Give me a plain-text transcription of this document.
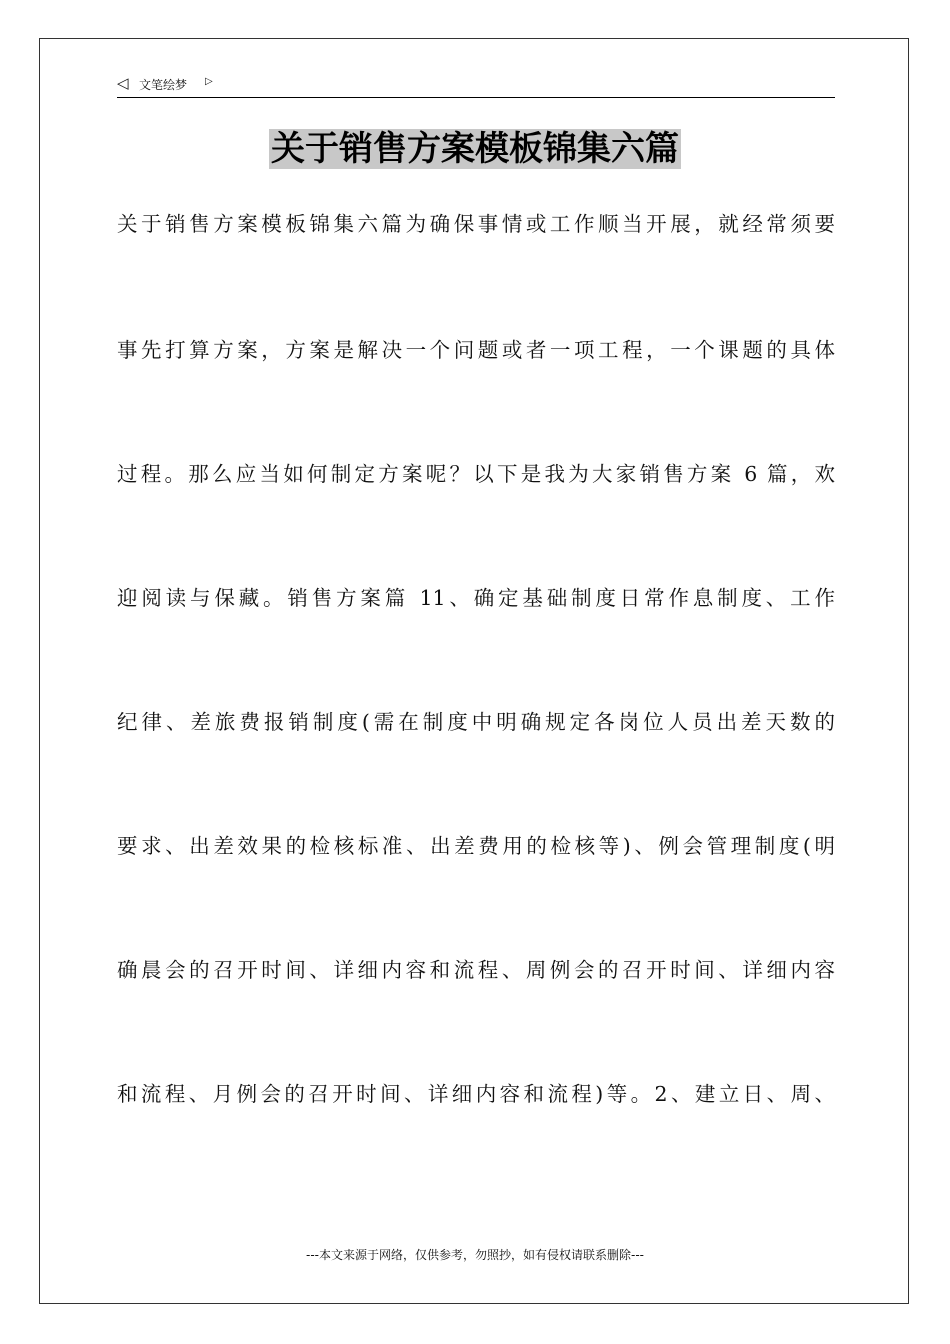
◁ 文笔绘梦 ▷
关于销售方案模板锦集六篇
关于销售方案模板锦集六篇为确保事情或工作顺当开展，就经常须要
事先打算方案，方案是解决一个问题或者一项工程，一个课题的具体
过程。那么应当如何制定方案呢？以下是我为大家销售方案 6 篇，欢
迎阅读与保藏。销售方案篇 11、确定基础制度日常作息制度、工作
纪律、差旅费报销制度(需在制度中明确规定各岗位人员出差天数的
要求、出差效果的检核标准、出差费用的检核等)、例会管理制度(明
确晨会的召开时间、详细内容和流程、周例会的召开时间、详细内容
和流程、月例会的召开时间、详细内容和流程)等。2、建立日、周、
---本文来源于网络，仅供参考，勿照抄，如有侵权请联系删除---
